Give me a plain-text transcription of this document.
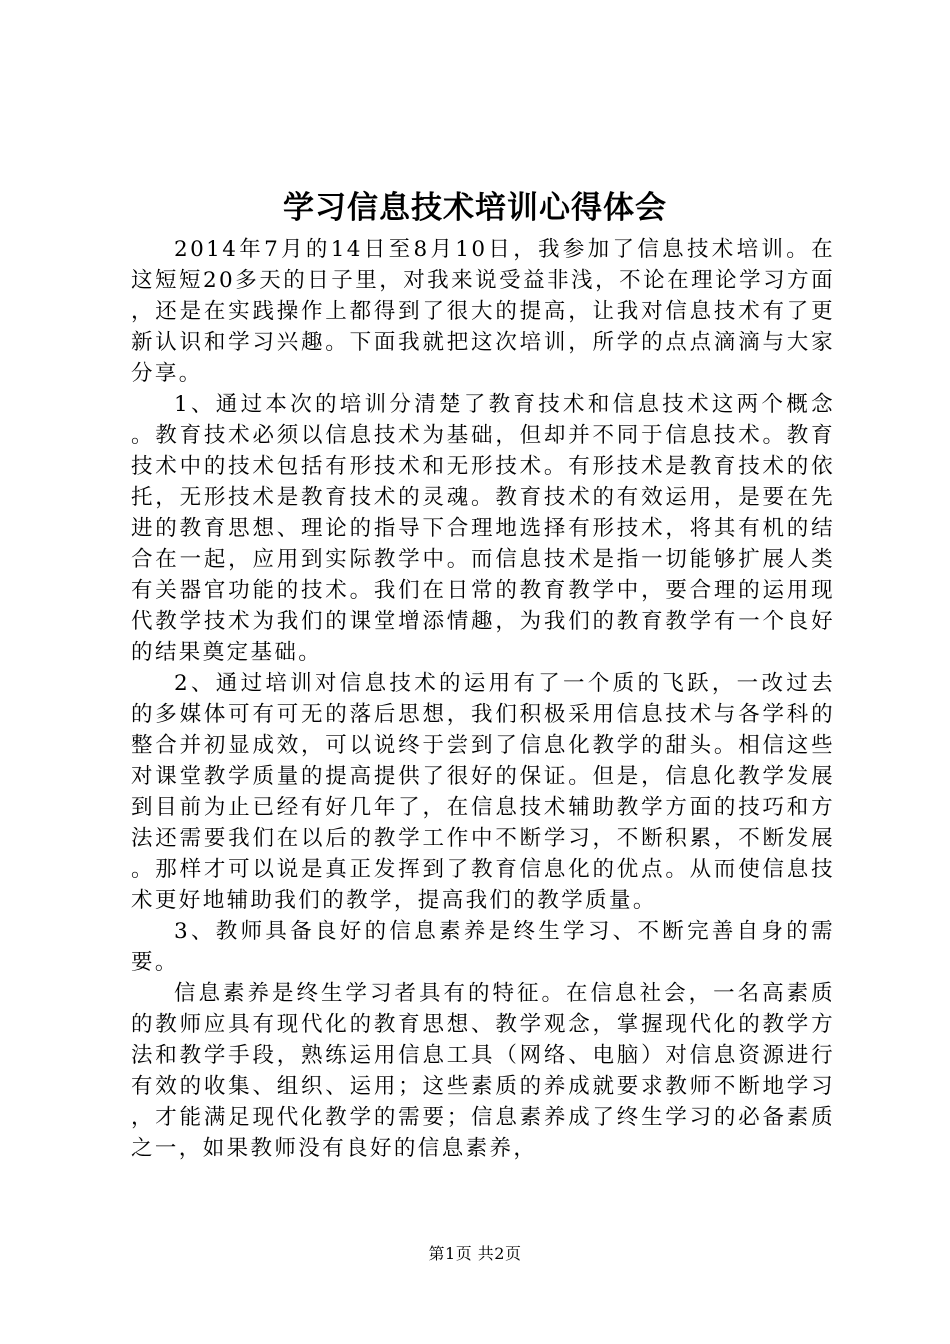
学习信息技术培训心得体会

2014年7月的14日至8月10日，我参加了信息技术培训。在这短短20多天的日子里，对我来说受益非浅，不论在理论学习方面，还是在实践操作上都得到了很大的提高，让我对信息技术有了更新认识和学习兴趣。下面我就把这次培训，所学的点点滴滴与大家分享。

1、通过本次的培训分清楚了教育技术和信息技术这两个概念。教育技术必须以信息技术为基础，但却并不同于信息技术。教育技术中的技术包括有形技术和无形技术。有形技术是教育技术的依托，无形技术是教育技术的灵魂。教育技术的有效运用，是要在先进的教育思想、理论的指导下合理地选择有形技术，将其有机的结合在一起，应用到实际教学中。而信息技术是指一切能够扩展人类有关器官功能的技术。我们在日常的教育教学中，要合理的运用现代教学技术为我们的课堂增添情趣，为我们的教育教学有一个良好的结果奠定基础。

2、通过培训对信息技术的运用有了一个质的飞跃，一改过去的多媒体可有可无的落后思想，我们积极采用信息技术与各学科的整合并初显成效，可以说终于尝到了信息化教学的甜头。相信这些对课堂教学质量的提高提供了很好的保证。但是，信息化教学发展到目前为止已经有好几年了，在信息技术辅助教学方面的技巧和方法还需要我们在以后的教学工作中不断学习，不断积累，不断发展。那样才可以说是真正发挥到了教育信息化的优点。从而使信息技术更好地辅助我们的教学，提高我们的教学质量。

3、教师具备良好的信息素养是终生学习、不断完善自身的需要。

信息素养是终生学习者具有的特征。在信息社会，一名高素质的教师应具有现代化的教育思想、教学观念，掌握现代化的教学方法和教学手段，熟练运用信息工具（网络、电脑）对信息资源进行有效的收集、组织、运用；这些素质的养成就要求教师不断地学习，才能满足现代化教学的需要；信息素养成了终生学习的必备素质之一，如果教师没有良好的信息素养，

第1页 共2页
